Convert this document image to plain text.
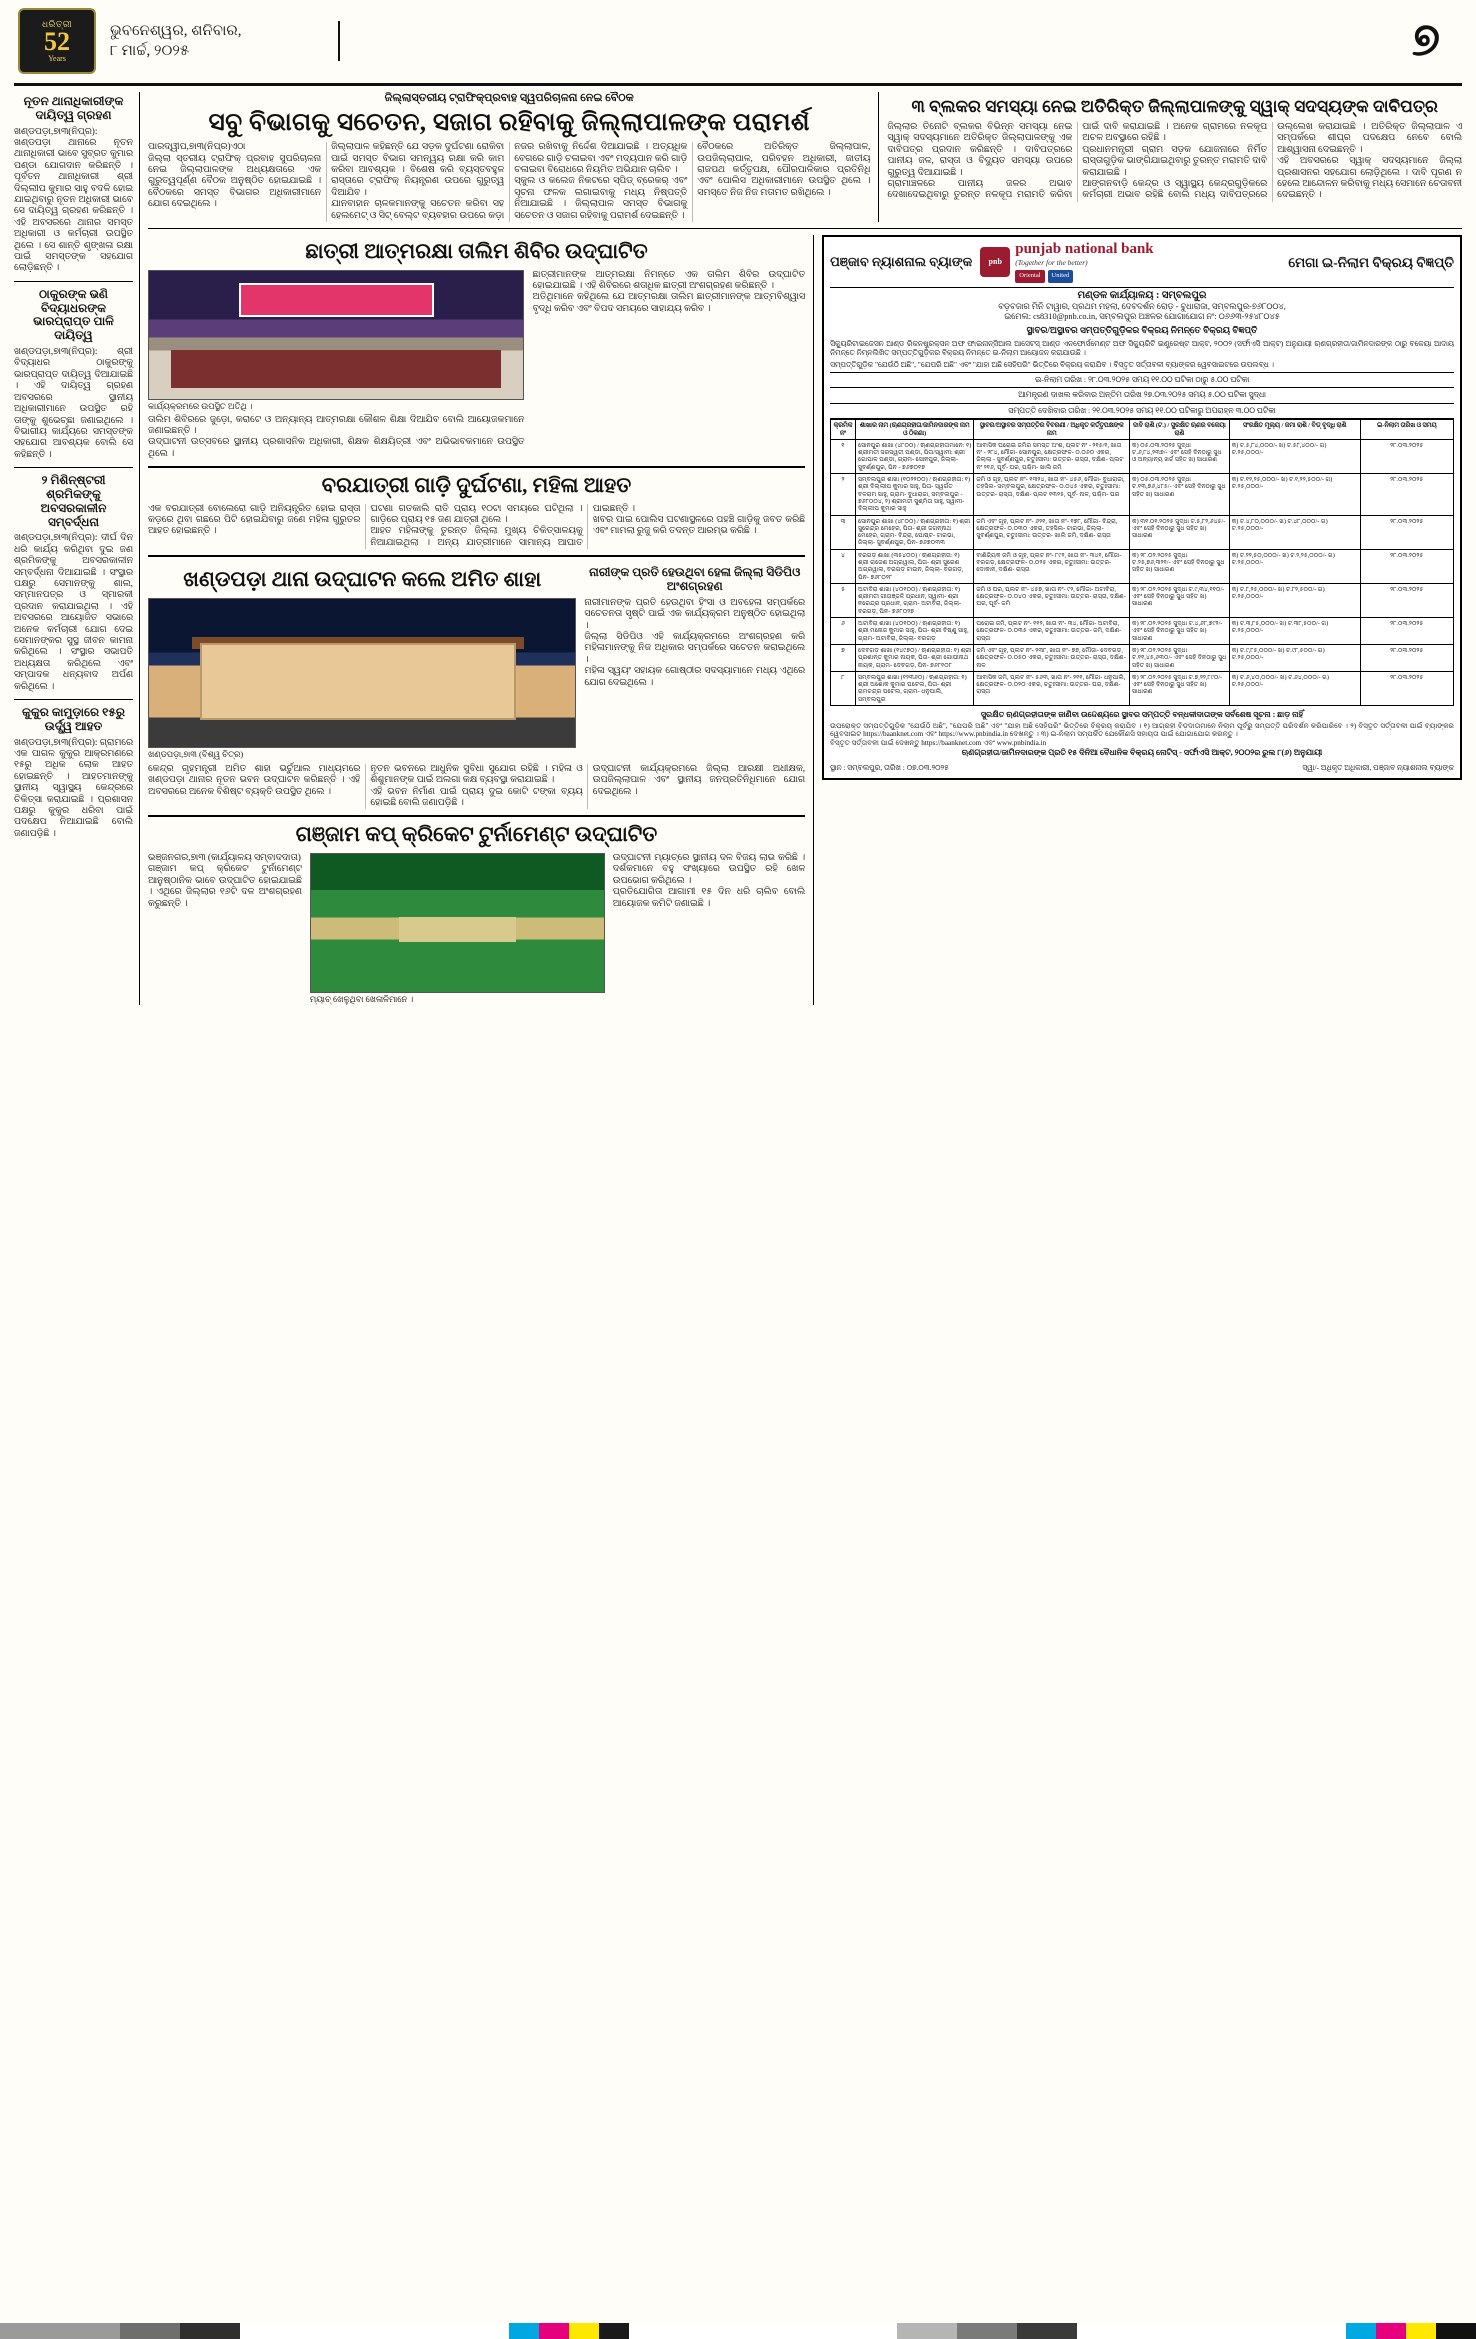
ଧରିତ୍ରୀ
52
Years
ଭୁବନେଶ୍ୱର, ଶନିବାର,
୮ ମାର୍ଚ୍ଚ, ୨୦୨୫	୭
ନୂତନ ଥାନାଧିକାରୀଙ୍କ ଦାୟିତ୍ୱ ଗ୍ରହଣ
ଖଣ୍ଡପଡ଼ା,୭ା୩(ନିପ୍ର): ଖଣ୍ଡପଡ଼ା ଥାନାରେ ନୂତନ ଥାନାଧିକାରୀ ଭାବେ ସୁବ୍ରତ କୁମାର ପଣ୍ଡା ଯୋଗଦାନ କରିଛନ୍ତି । ପୂର୍ବତନ ଥାନାଧିକାରୀ ଶ୍ରୀ ଦିଲ୍ଲୀପ କୁମାର ସାହୁ ବଦଳି ହୋଇ ଯାଇଥିବାରୁ ନୂତନ ଅଧିକାରୀ ଭାବେ ସେ ଦାୟିତ୍ୱ ଗ୍ରହଣ କରିଛନ୍ତି । ଏହି ଅବସରରେ ଥାନାର ସମସ୍ତ ଅଧିକାରୀ ଓ କର୍ମଚାରୀ ଉପସ୍ଥିତ ଥିଲେ । ସେ ଶାନ୍ତି ଶୃଙ୍ଖଳା ରକ୍ଷା ପାଇଁ ସମସ୍ତଙ୍କ ସହଯୋଗ ଲୋଡ଼ିଛନ୍ତି ।
ଠାକୁରଙ୍କ ଭଣି ବିଦ୍ୟାଧରଙ୍କ ଭାରପ୍ରାପ୍ତ ପାଳି ଦାୟିତ୍ୱ
ଖଣ୍ଡପଡ଼ା,୭ା୩(ନିପ୍ର): ଶ୍ରୀ ବିଦ୍ୟାଧର ଠାକୁରଙ୍କୁ ଭାରପ୍ରାପ୍ତ ଦାୟିତ୍ୱ ଦିଆଯାଇଛି । ଏହି ଦାୟିତ୍ୱ ଗ୍ରହଣ ଅବସରରେ ସ୍ଥାନୀୟ ଅଧିକାରୀମାନେ ଉପସ୍ଥିତ ରହି ତାଙ୍କୁ ଶୁଭେଚ୍ଛା ଜଣାଇଥିଲେ । ବିଭାଗୀୟ କାର୍ଯ୍ୟରେ ସମସ୍ତଙ୍କ ସହଯୋଗ ଆବଶ୍ୟକ ବୋଲି ସେ କହିଛନ୍ତି ।
୨ ମିଶିନ୍‌ଷ୍ଟରୀ ଶ୍ରମିକଙ୍କୁ ଅବସରକାଳୀନ ସମ୍ବର୍ଦ୍ଧନା
ଖଣ୍ଡପଡ଼ା,୭ା୩(ନିପ୍ର): ଦୀର୍ଘ ଦିନ ଧରି କାର୍ଯ୍ୟ କରିଥିବା ଦୁଇ ଜଣ ଶ୍ରମିକଙ୍କୁ ଅବସରକାଳୀନ ସମ୍ବର୍ଦ୍ଧନା ଦିଆଯାଇଛି । ସଂସ୍ଥାର ପକ୍ଷରୁ ସେମାନଙ୍କୁ ଶାଲ, ସମ୍ମାନପତ୍ର ଓ ସ୍ମାରକୀ ପ୍ରଦାନ କରାଯାଇଥିଲା । ଏହି ଅବସରରେ ଆୟୋଜିତ ସଭାରେ ଅନେକ କର୍ମଚାରୀ ଯୋଗ ଦେଇ ସେମାନଙ୍କର ସୁସ୍ଥ ଜୀବନ କାମନା କରିଥିଲେ । ସଂସ୍ଥାର ସଭାପତି ଅଧ୍ୟକ୍ଷତା କରିଥିଲେ ଏବଂ ସମ୍ପାଦକ ଧନ୍ୟବାଦ ଅର୍ପଣ କରିଥିଲେ ।
କୁକୁର କାମୁଡ଼ାରେ ୧୫ରୁ ଉର୍ଦ୍ଧ୍ୱ ଆହତ
ଖଣ୍ଡପଡ଼ା,୭ା୩(ନିପ୍ର): ଗ୍ରାମରେ ଏକ ପାଗଳ କୁକୁର ଆକ୍ରମଣରେ ୧୫ରୁ ଅଧିକ ଲୋକ ଆହତ ହୋଇଛନ୍ତି । ଆହତମାନଙ୍କୁ ସ୍ଥାନୀୟ ସ୍ୱାସ୍ଥ୍ୟ କେନ୍ଦ୍ରରେ ଚିକିତ୍ସା କରାଯାଇଛି । ପ୍ରଶାସନ ପକ୍ଷରୁ କୁକୁର ଧରିବା ପାଇଁ ପଦକ୍ଷେପ ନିଆଯାଇଛି ବୋଲି ଜଣାପଡ଼ିଛି ।
ଜିଲ୍ଲାସ୍ତରୀୟ ଟ୍ରାଫିକ୍‌ପ୍ରବାହ ସ୍ୱପରିଚାଳନା ନେଇ ବୈଠକ
ସବୁ ବିଭାଗକୁ ସଚେତନ, ସଜାଗ ରହିବାକୁ ଜିଲ୍ଲାପାଳଙ୍କ ପରାମର୍ଶ
ପାରଦ୍ୱୀପ,୭ା୩(ନିପ୍ର)ଏଠା
ଜିଲ୍ଲା ସ୍ତରୀୟ ଟ୍ରାଫିକ୍ ପ୍ରବାହ ସୁପରିଚାଳନା ନେଇ ଜିଲ୍ଲାପାଳଙ୍କ ଅଧ୍ୟକ୍ଷତାରେ ଏକ ଗୁରୁତ୍ୱପୂର୍ଣ୍ଣ ବୈଠକ ଅନୁଷ୍ଠିତ ହୋଇଯାଇଛି । ବୈଠକରେ ସମସ୍ତ ବିଭାଗର ଅଧିକାରୀମାନେ ଯୋଗ ଦେଇଥିଲେ ।
ଜିଲ୍ଲାପାଳ କହିଛନ୍ତି ଯେ ସଡ଼କ ଦୁର୍ଘଟଣା ରୋକିବା ପାଇଁ ସମସ୍ତ ବିଭାଗ ସମନ୍ୱୟ ରକ୍ଷା କରି କାମ କରିବା ଆବଶ୍ୟକ । ବିଶେଷ କରି ବ୍ୟସ୍ତବହୁଳ ରାସ୍ତାରେ ଟ୍ରାଫିକ୍ ନିୟନ୍ତ୍ରଣ ଉପରେ ଗୁରୁତ୍ୱ ଦିଆଯିବ ।
ଯାନବାହାନ ଚାଳକମାନଙ୍କୁ ସଚେତନ କରିବା ସହ ହେଲମେଟ୍ ଓ ସିଟ୍ ବେଲ୍ଟ ବ୍ୟବହାର ଉପରେ କଡ଼ା ନଜର ରଖିବାକୁ ନିର୍ଦ୍ଦେଶ ଦିଆଯାଇଛି । ଅତ୍ୟଧିକ ବେଗରେ ଗାଡ଼ି ଚଳାଇବା ଏବଂ ମଦ୍ୟପାନ କରି ଗାଡ଼ି ଚଳାଇବା ବିରୋଧରେ ନିୟମିତ ଅଭିଯାନ ଚାଲିବ ।
ସ୍କୁଲ ଓ କଲେଜ ନିକଟରେ ସ୍ପିଡ୍ ବ୍ରେକର୍ ଏବଂ ସୂଚନା ଫଳକ ଲଗାଇବାକୁ ମଧ୍ୟ ନିଷ୍ପତ୍ତି ନିଆଯାଇଛି । ଜିଲ୍ଲାପାଳ ସମସ୍ତ ବିଭାଗକୁ ସଚେତନ ଓ ସଜାଗ ରହିବାକୁ ପରାମର୍ଶ ଦେଇଛନ୍ତି ।
ବୈଠକରେ ଅତିରିକ୍ତ ଜିଲ୍ଲାପାଳ, ଉପଜିଲ୍ଲାପାଳ, ପରିବହନ ଅଧିକାରୀ, ଜାତୀୟ ରାଜପଥ କର୍ତ୍ତୃପକ୍ଷ, ପୌରପାଳିକାର ପ୍ରତିନିଧି ଏବଂ ପୋଲିସ ଅଧିକାରୀମାନେ ଉପସ୍ଥିତ ଥିଲେ । ସମସ୍ତେ ନିଜ ନିଜ ମତାମତ ରଖିଥିଲେ ।
୩ ବ୍ଲକର ସମସ୍ୟା ନେଇ ଅତିରିକ୍ତ ଜିଲ୍ଲାପାଳଙ୍କୁ ସ୍ୱାକ୍ ସଦସ୍ୟଙ୍କ ଦାବିପତ୍ର
ଜିଲ୍ଲାର ତିନୋଟି ବ୍ଲକର ବିଭିନ୍ନ ସମସ୍ୟା ନେଇ ସ୍ୱାକ୍ ସଦସ୍ୟମାନେ ଅତିରିକ୍ତ ଜିଲ୍ଲାପାଳଙ୍କୁ ଏକ ଦାବିପତ୍ର ପ୍ରଦାନ କରିଛନ୍ତି । ଦାବିପତ୍ରରେ ପାନୀୟ ଜଳ, ରାସ୍ତା ଓ ବିଦ୍ୟୁତ ସମସ୍ୟା ଉପରେ ଗୁରୁତ୍ୱ ଦିଆଯାଇଛି ।
ଗ୍ରାମାଞ୍ଚଳରେ ପାନୀୟ ଜଳର ଅଭାବ ଦେଖାଦେଇଥିବାରୁ ତୁରନ୍ତ ନଳକୂପ ମରାମତି କରିବା ପାଇଁ ଦାବି କରାଯାଇଛି । ଅନେକ ଗ୍ରାମରେ ନଳକୂପ ଅଚଳ ଅବସ୍ଥାରେ ରହିଛି ।
ପ୍ରଧାନମନ୍ତ୍ରୀ ଗ୍ରାମ ସଡ଼କ ଯୋଜନାରେ ନିର୍ମିତ ରାସ୍ତାଗୁଡ଼ିକ ଭାଙ୍ଗିଯାଇଥିବାରୁ ତୁରନ୍ତ ମରାମତି ଦାବି କରାଯାଇଛି ।
ଆଙ୍ଗନବାଡ଼ି କେନ୍ଦ୍ର ଓ ସ୍ୱାସ୍ଥ୍ୟ କେନ୍ଦ୍ରଗୁଡ଼ିକରେ କର୍ମଚାରୀ ଅଭାବ ରହିଛି ବୋଲି ମଧ୍ୟ ଦାବିପତ୍ରରେ ଉଲ୍ଲେଖ କରାଯାଇଛି । ଅତିରିକ୍ତ ଜିଲ୍ଲାପାଳ ଏ ସମ୍ପର୍କରେ ଶୀଘ୍ର ପଦକ୍ଷେପ ନେବେ ବୋଲି ଆଶ୍ୱାସନା ଦେଇଛନ୍ତି ।
ଏହି ଅବସରରେ ସ୍ୱାକ୍ ସଦସ୍ୟମାନେ ଜିଲ୍ଲା ପ୍ରଶାସନର ସହଯୋଗ ଲୋଡ଼ିଥିଲେ । ଦାବି ପୂରଣ ନ ହେଲେ ଆନ୍ଦୋଳନ କରିବାକୁ ମଧ୍ୟ ସେମାନେ ଚେତାବନୀ ଦେଇଛନ୍ତି ।
ଛାତ୍ରୀ ଆତ୍ମରକ୍ଷା ତାଲିମ ଶିବିର ଉଦ୍‌ଘାଟିତ
କାର୍ଯ୍ୟକ୍ରମରେ ଉପସ୍ଥିତ ଅତିଥି ।
ତାଲିମ ଶିବିରରେ ଜୁଡ଼ୋ, କରାଟେ ଓ ଅନ୍ୟାନ୍ୟ ଆତ୍ମରକ୍ଷା କୌଶଳ ଶିକ୍ଷା ଦିଆଯିବ ବୋଲି ଆୟୋଜକମାନେ ଜଣାଇଛନ୍ତି ।
ଉଦ୍‌ଘାଟନୀ ଉତ୍ସବରେ ସ୍ଥାନୀୟ ପ୍ରଶାସନିକ ଅଧିକାରୀ, ଶିକ୍ଷକ ଶିକ୍ଷୟିତ୍ରୀ ଏବଂ ଅଭିଭାବକମାନେ ଉପସ୍ଥିତ ଥିଲେ ।
ଛାତ୍ରୀମାନଙ୍କ ଆତ୍ମରକ୍ଷା ନିମନ୍ତେ ଏକ ତାଲିମ ଶିବିର ଉଦ୍‌ଘାଟିତ ହୋଇଯାଇଛି । ଏହି ଶିବିରରେ ଶତାଧିକ ଛାତ୍ରୀ ଅଂଶଗ୍ରହଣ କରିଛନ୍ତି ।
ଅତିଥିମାନେ କହିଥିଲେ ଯେ ଆତ୍ମରକ୍ଷା ତାଲିମ ଛାତ୍ରୀମାନଙ୍କ ଆତ୍ମବିଶ୍ୱାସ ବୃଦ୍ଧି କରିବ ଏବଂ ବିପଦ ସମୟରେ ସାହାଯ୍ୟ କରିବ ।
ବରଯାତ୍ରୀ ଗାଡ଼ି ଦୁର୍ଘଟଣା, ମହିଳା ଆହତ
ଏକ ବରଯାତ୍ରୀ ବୋଲେରୋ ଗାଡ଼ି ଅନିୟନ୍ତ୍ରିତ ହୋଇ ରାସ୍ତା କଡ଼ରେ ଥିବା ଗଛରେ ପିଟି ହୋଇଯିବାରୁ ଜଣେ ମହିଳା ଗୁରୁତର ଆହତ ହୋଇଛନ୍ତି ।
ଘଟଣା ଗତକାଲି ରାତି ପ୍ରାୟ ୧୦ଟା ସମୟରେ ଘଟିଥିଲା । ଗାଡ଼ିରେ ପ୍ରାୟ ୧୫ ଜଣ ଯାତ୍ରୀ ଥିଲେ ।
ଆହତ ମହିଳାଙ୍କୁ ତୁରନ୍ତ ଜିଲ୍ଲା ମୁଖ୍ୟ ଚିକିତ୍ସାଳୟକୁ ନିଆଯାଇଥିଲା । ଅନ୍ୟ ଯାତ୍ରୀମାନେ ସାମାନ୍ୟ ଆଘାତ ପାଇଛନ୍ତି ।
ଖବର ପାଇ ପୋଲିସ ଘଟଣାସ୍ଥଳରେ ପହଞ୍ଚି ଗାଡ଼ିକୁ ଜବତ କରିଛି ଏବଂ ମାମଲା ରୁଜୁ କରି ତଦନ୍ତ ଆରମ୍ଭ କରିଛି ।
ଖଣ୍ଡପଡ଼ା ଥାନା ଉଦ୍‌ଘାଟନ କଲେ ଅମିତ ଶାହା
ଖଣ୍ଡପଡ଼ା,୭ା୩ (ବିଶ୍ୱ ଚିତ୍ର)
ନାରୀଙ୍କ ପ୍ରତି ହେଉଥିବା ହେଳା ଜିଲ୍ଲା ସିଡିପିଓ ଅଂଶଗ୍ରହଣ
ନାରୀମାନଙ୍କ ପ୍ରତି ହେଉଥିବା ହିଂସା ଓ ଅବହେଳା ସମ୍ପର୍କରେ ସଚେତନତା ସୃଷ୍ଟି ପାଇଁ ଏକ କାର୍ଯ୍ୟକ୍ରମ ଅନୁଷ୍ଠିତ ହୋଇଥିଲା ।
ଜିଲ୍ଲା ସିଡିପିଓ ଏହି କାର୍ଯ୍ୟକ୍ରମରେ ଅଂଶଗ୍ରହଣ କରି ମହିଳାମାନଙ୍କୁ ନିଜ ଅଧିକାର ସମ୍ପର୍କରେ ସଚେତନ କରାଇଥିଲେ ।
ମହିଳା ସ୍ୱୟଂ ସହାୟକ ଗୋଷ୍ଠୀର ସଦସ୍ୟାମାନେ ମଧ୍ୟ ଏଥିରେ ଯୋଗ ଦେଇଥିଲେ ।
କେନ୍ଦ୍ର ଗୃହମନ୍ତ୍ରୀ ଅମିତ ଶାହା ଭର୍ଚୁଆଲ ମାଧ୍ୟମରେ ଖଣ୍ଡପଡ଼ା ଥାନାର ନୂତନ ଭବନ ଉଦ୍‌ଘାଟନ କରିଛନ୍ତି । ଏହି ଅବସରରେ ଅନେକ ବିଶିଷ୍ଟ ବ୍ୟକ୍ତି ଉପସ୍ଥିତ ଥିଲେ ।
ନୂତନ ଭବନରେ ଆଧୁନିକ ସୁବିଧା ସୁଯୋଗ ରହିଛି । ମହିଳା ଓ ଶିଶୁମାନଙ୍କ ପାଇଁ ଅଲଗା କକ୍ଷ ବ୍ୟବସ୍ଥା କରାଯାଇଛି ।
ଏହି ଭବନ ନିର୍ମାଣ ପାଇଁ ପ୍ରାୟ ଦୁଇ କୋଟି ଟଙ୍କା ବ୍ୟୟ ହୋଇଛି ବୋଲି ଜଣାପଡ଼ିଛି ।
ଉଦ୍‌ଘାଟନୀ କାର୍ଯ୍ୟକ୍ରମରେ ଜିଲ୍ଲା ଆରକ୍ଷୀ ଅଧୀକ୍ଷକ, ଉପଜିଲ୍ଲାପାଳ ଏବଂ ସ୍ଥାନୀୟ ଜନପ୍ରତିନିଧିମାନେ ଯୋଗ ଦେଇଥିଲେ ।
ଗଞ୍ଜାମ କପ୍ କ୍ରିକେଟ ଟୁର୍ନାମେଣ୍ଟ ଉଦ୍‌ଘାଟିତ
ଭଞ୍ଜନଗର,୭ା୩ (କାର୍ଯ୍ୟାଳୟ ସମ୍ବାଦଦାତା)
ଗଞ୍ଜାମ କପ୍ କ୍ରିକେଟ ଟୁର୍ନାମେଣ୍ଟ ଆନୁଷ୍ଠାନିକ ଭାବେ ଉଦ୍‌ଘାଟିତ ହୋଇଯାଇଛି । ଏଥିରେ ଜିଲ୍ଲାର ୧୬ଟି ଦଳ ଅଂଶଗ୍ରହଣ କରୁଛନ୍ତି ।
ମ୍ୟାଚ୍ ଖେଳୁଥିବା ଖେଳାଳିମାନେ ।
ଉଦ୍‌ଘାଟନୀ ମ୍ୟାଚ୍‌ରେ ସ୍ଥାନୀୟ ଦଳ ବିଜୟ ଲାଭ କରିଛି । ଦର୍ଶକମାନେ ବହୁ ସଂଖ୍ୟାରେ ଉପସ୍ଥିତ ରହି ଖେଳ ଉପଭୋଗ କରିଥିଲେ ।
ପ୍ରତିଯୋଗିତା ଆଗାମୀ ୧୫ ଦିନ ଧରି ଚାଲିବ ବୋଲି ଆୟୋଜକ କମିଟି ଜଣାଇଛି ।
ପଞ୍ଜାବ ନ୍ୟାଶନାଲ ବ୍ୟାଙ୍କ	pnb
punjab national bank
(Together for the better)
Oriental	United
ମେଗା ଇ-ନିଲାମ ବିକ୍ରୟ ବିଜ୍ଞପ୍ତି
ମଣ୍ଡଳ କାର୍ଯ୍ୟାଳୟ : ସମ୍ବଲପୁର
ବଡ଼ବଜାର ମିନି ଟାୱାର, ପ୍ରଥମ ମହଲା, ଦେବଦର୍ଶନ ରୋଡ଼ - ବୁଧାରାଜା, ସମ୍ବଲପୁର-୭୬୮୦୦୪,
ଇମେଲ: cs8310@pnb.co.in, ସମ୍ବଲପୁର ଅଞ୍ଚଳର ଯୋଗାଯୋଗ ନଂ: ୦୬୬୩-୨୫୪୮୦୪୫
ସ୍ଥାବର/ଅସ୍ଥାବର ସମ୍ପତ୍ତିଗୁଡ଼ିକର ବିକ୍ରୟ ନିମନ୍ତେ ବିକ୍ରୟ ବିଜ୍ଞପ୍ତି
ସିକ୍ୟୁରିଟାଇଜେସନ ଆଣ୍ଡ ରିକନଷ୍ଟ୍ରକ୍ସନ ଅଫ ଫାଇନାନ୍ସିଆଲ ଆସେଟସ୍ ଆଣ୍ଡ ଏନଫୋର୍ସମେଣ୍ଟ ଅଫ ସିକ୍ୟୁରିଟି ଇଣ୍ଟ୍ରେଷ୍ଟ ଆକ୍ଟ, ୨୦୦୨ (ସର୍ଫାଏସି ଆକ୍ଟ) ଅନୁଯାୟୀ ଋଣଗ୍ରହୀତା/ଜାମିନଦାରଙ୍କ ଠାରୁ ବକେୟା ଆଦାୟ ନିମନ୍ତେ ନିମ୍ନଲିଖିତ ସମ୍ପତ୍ତିଗୁଡ଼ିକର ବିକ୍ରୟ ନିମନ୍ତେ ଇ-ନିଲାମ ଆୟୋଜନ କରାଯାଉଛି ।
ସମ୍ପତ୍ତିଗୁଡ଼ିକ "ଯେଉଁଠି ଅଛି", "ଯେପରି ଅଛି" ଏବଂ "ଯାହା ଅଛି ସେହିପରି" ଭିତ୍ତିରେ ବିକ୍ରୟ କରାଯିବ । ବିସ୍ତୃତ ସର୍ତ୍ତାବଳୀ ବ୍ୟାଙ୍କର ୱେବସାଇଟରେ ଉପଲବ୍ଧ ।
ଇ-ନିଲାମ ତାରିଖ : ୨୮.୦୩.୨୦୨୫ ସମୟ ୧୧.୦୦ ଘଟିକା ଠାରୁ ୫.୦୦ ଘଟିକା
ଆମନ୍ତ୍ରଣ ଦାଖଲ କରିବାର ଅନ୍ତିମ ତାରିଖ ୨୭.୦୩.୨୦୨୫ ସମୟ ୫.୦୦ ଘଟିକା ସୁଦ୍ଧା
ସମ୍ପତ୍ତି ଦେଖିବାର ତାରିଖ : ୨୧.୦୩.୨୦୨୫ ସମୟ ୧୧.୦୦ ଘଟିକାରୁ ଅପରାହ୍ନ ୩.୦୦ ଘଟିକା
କ୍ରମିକ ନଂ	ଶାଖାର ନାମ (ଋଣଗ୍ରହୀତା/ଜାମିନଦାରଙ୍କ ନାମ ଓ ଠିକଣା)	ସ୍ଥାବର/ଅସ୍ଥାବର ସମ୍ପତ୍ତିର ବିବରଣୀ / ଅଧିକୃତ କର୍ତ୍ତୃପକ୍ଷଙ୍କ ନାମ	ଦାବି ରାଶି (ଟ.) / ସୁରକ୍ଷିତ ଋଣର ବକେୟା ରାଶି	ସଂରକ୍ଷିତ ମୂଲ୍ୟ / ଜମା ରାଶି / ବିଡ୍ ବୃଦ୍ଧି ରାଶି	ଇ-ନିଲାମ ତାରିଖ ଓ ସମୟ
୧	ସୋନପୁର ଶାଖା (୪୮୦୦) / ଋଣଗ୍ରହୀତାମାନେ: ୧) ଶ୍ରୀମତୀ ସରସ୍ୱତୀ ପଣ୍ଡା, ପିତା/ସ୍ୱାମୀ: ଶ୍ରୀ ଗୋପାଳ ପଣ୍ଡା, ଗ୍ରାମ- ସୋନପୁର, ଜିଲ୍ଲା- ସୁବର୍ଣ୍ଣପୁର, ପିନ - ୭୬୭୦୧୭	ଆବାସିକ ଘରୋଇ ଜମିର ସମସ୍ତ ଅଂଶ, ପ୍ଲଟ ନଂ - ୨୧୫/୧, ଖାତା ନଂ - ୨୮୪, ମୌଜା- ସୋନପୁର, କ୍ଷେତ୍ରଫଳ- ୦.୦୬୦ ଏକର, ଜିଲ୍ଲା - ସୁବର୍ଣ୍ଣପୁର, ଚତୁଃସୀମା: ଉତ୍ତର- ରାସ୍ତା, ଦକ୍ଷିଣ- ପ୍ଲଟ ନଂ ୨୧୬, ପୂର୍ବ- ଘର, ପଶ୍ଚିମ- ଖାଲି ଜମି	କ) ୦୫.୦୩.୨୦୨୫ ସୁଦ୍ଧା ଟ.୬,୮୪,୨୩୭/- ଏବଂ ସେହି ଦିନଠାରୁ ସୁଧ ଓ ଅନ୍ୟାନ୍ୟ ଖର୍ଚ୍ଚ ସହିତ ଖ) ସାଧାରଣ	କ) ଟ.୫,୮୪,୦୦୦/- ଖ) ଟ.୫୮,୪୦୦/- ଗ) ଟ.୨୫,୦୦୦/-	୨୮.୦୩.୨୦୨୫
୨	ସମ୍ବଲପୁର ଶାଖା (୧୦୨୨୦୦) / ଋଣଗ୍ରହୀତା: ୧) ଶ୍ରୀ ଦିଲ୍ଲୀପ କୁମାର ସାହୁ, ପିତା- ସ୍ୱର୍ଗତ ବଳରାମ ସାହୁ, ଗ୍ରାମ- ବୁଧାରାଜା, ସମ୍ବଲପୁର - ୭୬୮୦୦୪, ୨) ଶ୍ରୀମତୀ ସୁଶ୍ମିତା ସାହୁ, ସ୍ୱାମୀ- ଦିଲ୍ଲୀପ କୁମାର ସାହୁ	ଜମି ଓ ଗୃହ, ପ୍ଲଟ ନଂ- ୧୩୨୪, ଖାତା ନଂ- ୪୫୬, ମୌଜା- ବୁଧାରାଜା, ତହସିଲ- ସମ୍ବଲପୁର, କ୍ଷେତ୍ରଫଳ- ୦.୦୪୫ ଏକର, ଚତୁଃସୀମା: ଉତ୍ତର- ରାସ୍ତା, ଦକ୍ଷିଣ- ପ୍ଲଟ ୧୩୨୫, ପୂର୍ବ- ନାଳ, ପଶ୍ଚିମ- ଘର	କ) ୦୫.୦୩.୨୦୨୫ ସୁଦ୍ଧା ଟ.୧୩,୭୬,୪୮୫/- ଏବଂ ସେହି ଦିନଠାରୁ ସୁଧ ସହିତ ଖ) ସାଧାରଣ	କ) ଟ.୧୨,୨୫,୦୦୦/- ଖ) ଟ.୧,୨୨,୫୦୦/- ଗ) ଟ.୨୫,୦୦୦/-	୨୮.୦୩.୨୦୨୫
୩	ସୋନପୁର ଶାଖା (୪୮୦୦) / ଋଣଗ୍ରହୀତା: ୧) ଶ୍ରୀ ସୁରେନ୍ଦ୍ର ମେହେର, ପିତା- ଶ୍ରୀ ଜଗନ୍ନାଥ ମେହେର, ଗ୍ରାମ- ବିନ୍ଦ୍ରା, ପୋଷ୍ଟ- ଟାରଭା, ଜିଲ୍ଲା- ସୁବର୍ଣ୍ଣପୁର, ପିନ- ୭୬୭୦୩୩	ଜମି ଏବଂ ଗୃହ, ପ୍ଲଟ ନଂ- ୬୨୧, ଖାତା ନଂ- ୧୭୮, ମୌଜା- ବିନ୍ଦ୍ରା, କ୍ଷେତ୍ରଫଳ- ୦.୦୩୦ ଏକର, ତହସିଲ- ଟାରଭା, ଜିଲ୍ଲା- ସୁବର୍ଣ୍ଣପୁର, ଚତୁଃସୀମା: ଉତ୍ତର- ଖାଲି ଜମି, ଦକ୍ଷିଣ- ରାସ୍ତା	କ) ୩୧.୦୧.୨୦୨୫ ସୁଦ୍ଧା ଟ.୫,୮୨,୬୪୫/- ଏବଂ ସେହି ଦିନଠାରୁ ସୁଧ ସହିତ ଖ) ସାଧାରଣ	କ) ଟ.୪,୮୦,୦୦୦/- ଖ) ଟ.୪୮,୦୦୦/- ଗ) ଟ.୨୫,୦୦୦/-	୨୮.୦୩.୨୦୨୫
୪	ବରଗଡ଼ ଶାଖା (୩୫୪୦୦) / ଋଣଗ୍ରହୀତା: ୧) ଶ୍ରୀ ରାଜେଶ ଅଗ୍ରୱାଲ, ପିତା- ଶ୍ରୀ ସୁରେଶ ଅଗ୍ରୱାଲ, ବରଗଡ଼ ଟାଉନ, ଜିଲ୍ଲା- ବରଗଡ଼, ପିନ- ୭୬୮୦୨୮	ବାଣିଜ୍ୟିକ ଜମି ଓ ଗୃହ, ପ୍ଲଟ ନଂ- ୮୯୨, ଖାତା ନଂ- ୩୪୧, ମୌଜା- ବରଗଡ଼, କ୍ଷେତ୍ରଫଳ- ୦.୦୨୫ ଏକର, ଚତୁଃସୀମା: ଉତ୍ତର- ଦୋକାନ, ଦକ୍ଷିଣ- ରାସ୍ତା	କ) ୨୮.୦୨.୨୦୨୫ ସୁଦ୍ଧା ଟ.୨୫,୭୬,୩୨୧/- ଏବଂ ସେହି ଦିନଠାରୁ ସୁଧ ସହିତ ଖ) ସାଧାରଣ	କ) ଟ.୨୨,୫୦,୦୦୦/- ଖ) ଟ.୨,୨୫,୦୦୦/- ଗ) ଟ.୨୫,୦୦୦/-	୨୮.୦୩.୨୦୨୫
୫	ଅଟାବିରା ଶାଖା (୪୦୧୦୦) / ଋଣଗ୍ରହୀତା: ୧) ଶ୍ରୀମତୀ ଗୀତାଞ୍ଜଳି ପ୍ରଧାନ, ସ୍ୱାମୀ- ଶ୍ରୀ ନରେନ୍ଦ୍ର ପ୍ରଧାନ, ଗ୍ରାମ- ଅଟାବିରା, ଜିଲ୍ଲା- ବରଗଡ଼, ପିନ- ୭୬୮୦୨୭	ଜମି ଓ ଘର, ପ୍ଲଟ ନଂ- ୪୫୭, ଖାତା ନଂ- ୯୨, ମୌଜା- ଅଟାବିରା, କ୍ଷେତ୍ରଫଳ- ୦.୦୪୦ ଏକର, ଚତୁଃସୀମା: ଉତ୍ତର- ରାସ୍ତା, ଦକ୍ଷିଣ- ଘର, ପୂର୍ବ- ଜମି	କ) ୨୮.୦୨.୨୦୨୫ ସୁଦ୍ଧା ଟ.୯,୩୪,୧୧୦/- ଏବଂ ସେହି ଦିନଠାରୁ ସୁଧ ସହିତ ଖ) ସାଧାରଣ	କ) ଟ.୮,୨୫,୦୦୦/- ଖ) ଟ.୮୨,୫୦୦/- ଗ) ଟ.୨୫,୦୦୦/-	୨୮.୦୩.୨୦୨୫
୬	ଅଟାବିରା ଶାଖା (୪୦୧୦୦) / ଋଣଗ୍ରହୀତା: ୧) ଶ୍ରୀ ମନୋଜ କୁମାର ସାହୁ, ପିତା- ଶ୍ରୀ ବିଷ୍ଣୁ ସାହୁ, ଗ୍ରାମ- ଅଟାବିରା, ଜିଲ୍ଲା- ବରଗଡ଼	ଘରୋଇ ଜମି, ପ୍ଲଟ ନଂ- ୧୧୨, ଖାତା ନଂ- ୩୪, ମୌଜା- ଅଟାବିରା, କ୍ଷେତ୍ରଫଳ- ୦.୦୩୫ ଏକର, ଚତୁଃସୀମା: ଉତ୍ତର- ଜମି, ଦକ୍ଷିଣ- ରାସ୍ତା	କ) ୨୮.୦୨.୨୦୨୫ ସୁଦ୍ଧା ଟ.୪,୬୮,୭୯୨/- ଏବଂ ସେହି ଦିନଠାରୁ ସୁଧ ସହିତ ଖ) ସାଧାରଣ	କ) ଟ.୩,୮୫,୦୦୦/- ଖ) ଟ.୩୮,୫୦୦/- ଗ) ଟ.୨୫,୦୦୦/-	୨୮.୦୩.୨୦୨୫
୭	ଦେବଗଡ଼ ଶାଖା (୧୪୯୭୦) / ଋଣଗ୍ରହୀତା: ୧) ଶ୍ରୀ ପ୍ରଶାନ୍ତ କୁମାର ନାୟକ, ପିତା- ଶ୍ରୀ ଗୋପୀନାଥ ନାୟକ, ଗ୍ରାମ- ଦେବଗଡ଼, ପିନ- ୭୬୮୧୦୮	ଜମି ଏବଂ ଗୃହ, ପ୍ଲଟ ନଂ- ୨୩୮, ଖାତା ନଂ- ୭୭, ମୌଜା- ଦେବଗଡ଼, କ୍ଷେତ୍ରଫଳ- ୦.୦୫୦ ଏକର, ଚତୁଃସୀମା: ଉତ୍ତର- ରାସ୍ତା, ଦକ୍ଷିଣ- ନାଳ	କ) ୨୮.୦୨.୨୦୨୫ ସୁଦ୍ଧା ଟ.୧୧,୪୫,୬୩୦/- ଏବଂ ସେହି ଦିନଠାରୁ ସୁଧ ସହିତ ଖ) ସାଧାରଣ	କ) ଟ.୯,୮୫,୦୦୦/- ଖ) ଟ.୯୮,୫୦୦/- ଗ) ଟ.୨୫,୦୦୦/-	୨୮.୦୩.୨୦୨୫
୮	ସମ୍ବଲପୁର ଶାଖା (୧୨୩୬୦) / ଋଣଗ୍ରହୀତା: ୧) ଶ୍ରୀ ଅଶୋକ କୁମାର ପଟେଲ, ପିତା- ଶ୍ରୀ ରାମଚନ୍ଦ୍ର ପଟେଲ, ଗ୍ରାମ- ଧନୁପାଲି, ସମ୍ବଲପୁର	ଆବାସିକ ଜମି, ପ୍ଲଟ ନଂ- ୫୬୩, ଖାତା ନଂ- ୨୧୧, ମୌଜା- ଧନୁପାଲି, କ୍ଷେତ୍ରଫଳ- ୦.୦୨୦ ଏକର, ଚତୁଃସୀମା: ଉତ୍ତର- ଘର, ଦକ୍ଷିଣ- ରାସ୍ତା	କ) ୨୮.୦୨.୨୦୨୫ ସୁଦ୍ଧା ଟ.୭,୨୨,୮୯୦/- ଏବଂ ସେହି ଦିନଠାରୁ ସୁଧ ସହିତ ଖ) ସାଧାରଣ	କ) ଟ.୬,୪୦,୦୦୦/- ଖ) ଟ.୬୪,୦୦୦/- ଗ) ଟ.୨୫,୦୦୦/-	୨୮.୦୩.୨୦୨୫
ସୁରକ୍ଷିତ ଋଣଗ୍ରହୀତାଙ୍କ ଜାଣିବା ଉଦ୍ଦେଶ୍ୟରେ ସ୍ଥାବର ସମ୍ପତ୍ତି ବନ୍ଧକୀଦାତାଙ୍କ ସର୍ବଶେଷ ସୂଚନା : ଛାଡ଼ ନାହିଁ
ଉପରୋକ୍ତ ସମ୍ପତ୍ତିଗୁଡ଼ିକ "ଯେଉଁଠି ଅଛି", "ଯେପରି ଅଛି" ଏବଂ "ଯାହା ଅଛି ସେହିପରି" ଭିତ୍ତିରେ ବିକ୍ରୟ କରାଯିବ । ୧) ଆଗ୍ରହୀ ବିଡ଼ଦାତାମାନେ ନିଲାମ ପୂର୍ବରୁ ସମ୍ପତ୍ତି ପରିଦର୍ଶନ କରିପାରିବେ । ୨) ବିସ୍ତୃତ ସର୍ତ୍ତାବଳୀ ପାଇଁ ବ୍ୟାଙ୍କର ୱେବସାଇଟ https://baanknet.com ଏବଂ https://www.pnbindia.in ଦେଖନ୍ତୁ । ୩) ଇ-ନିଲାମ ସମ୍ପର୍କିତ ଯେକୌଣସି ସହାୟତା ପାଇଁ ଯୋଗାଯୋଗ କରନ୍ତୁ ।
ବିସ୍ତୃତ ସର୍ତ୍ତାବଳୀ ପାଇଁ ଦେଖନ୍ତୁ https://baanknet.com ଏବଂ www.pnbindia.in
ଋଣଗ୍ରହୀତା/ଜାମିନଦାରଙ୍କ ପ୍ରତି ୧୫ ଦିନିଆ ବୈଧାନିକ ବିକ୍ରୟ ନୋଟିସ୍ - ସର୍ଫାଏସି ଆକ୍ଟ, ୨୦୦୨ର ରୁଲ ୮(୬) ଅନୁଯାୟୀ
ସ୍ଥାନ : ସମ୍ବଲପୁର, ତାରିଖ : ୦୭.୦୩.୨୦୨୫	ସ୍ୱା/- ଅଧିକୃତ ଅଧିକାରୀ, ପଞ୍ଜାବ ନ୍ୟାଶନାଲ ବ୍ୟାଙ୍କ
